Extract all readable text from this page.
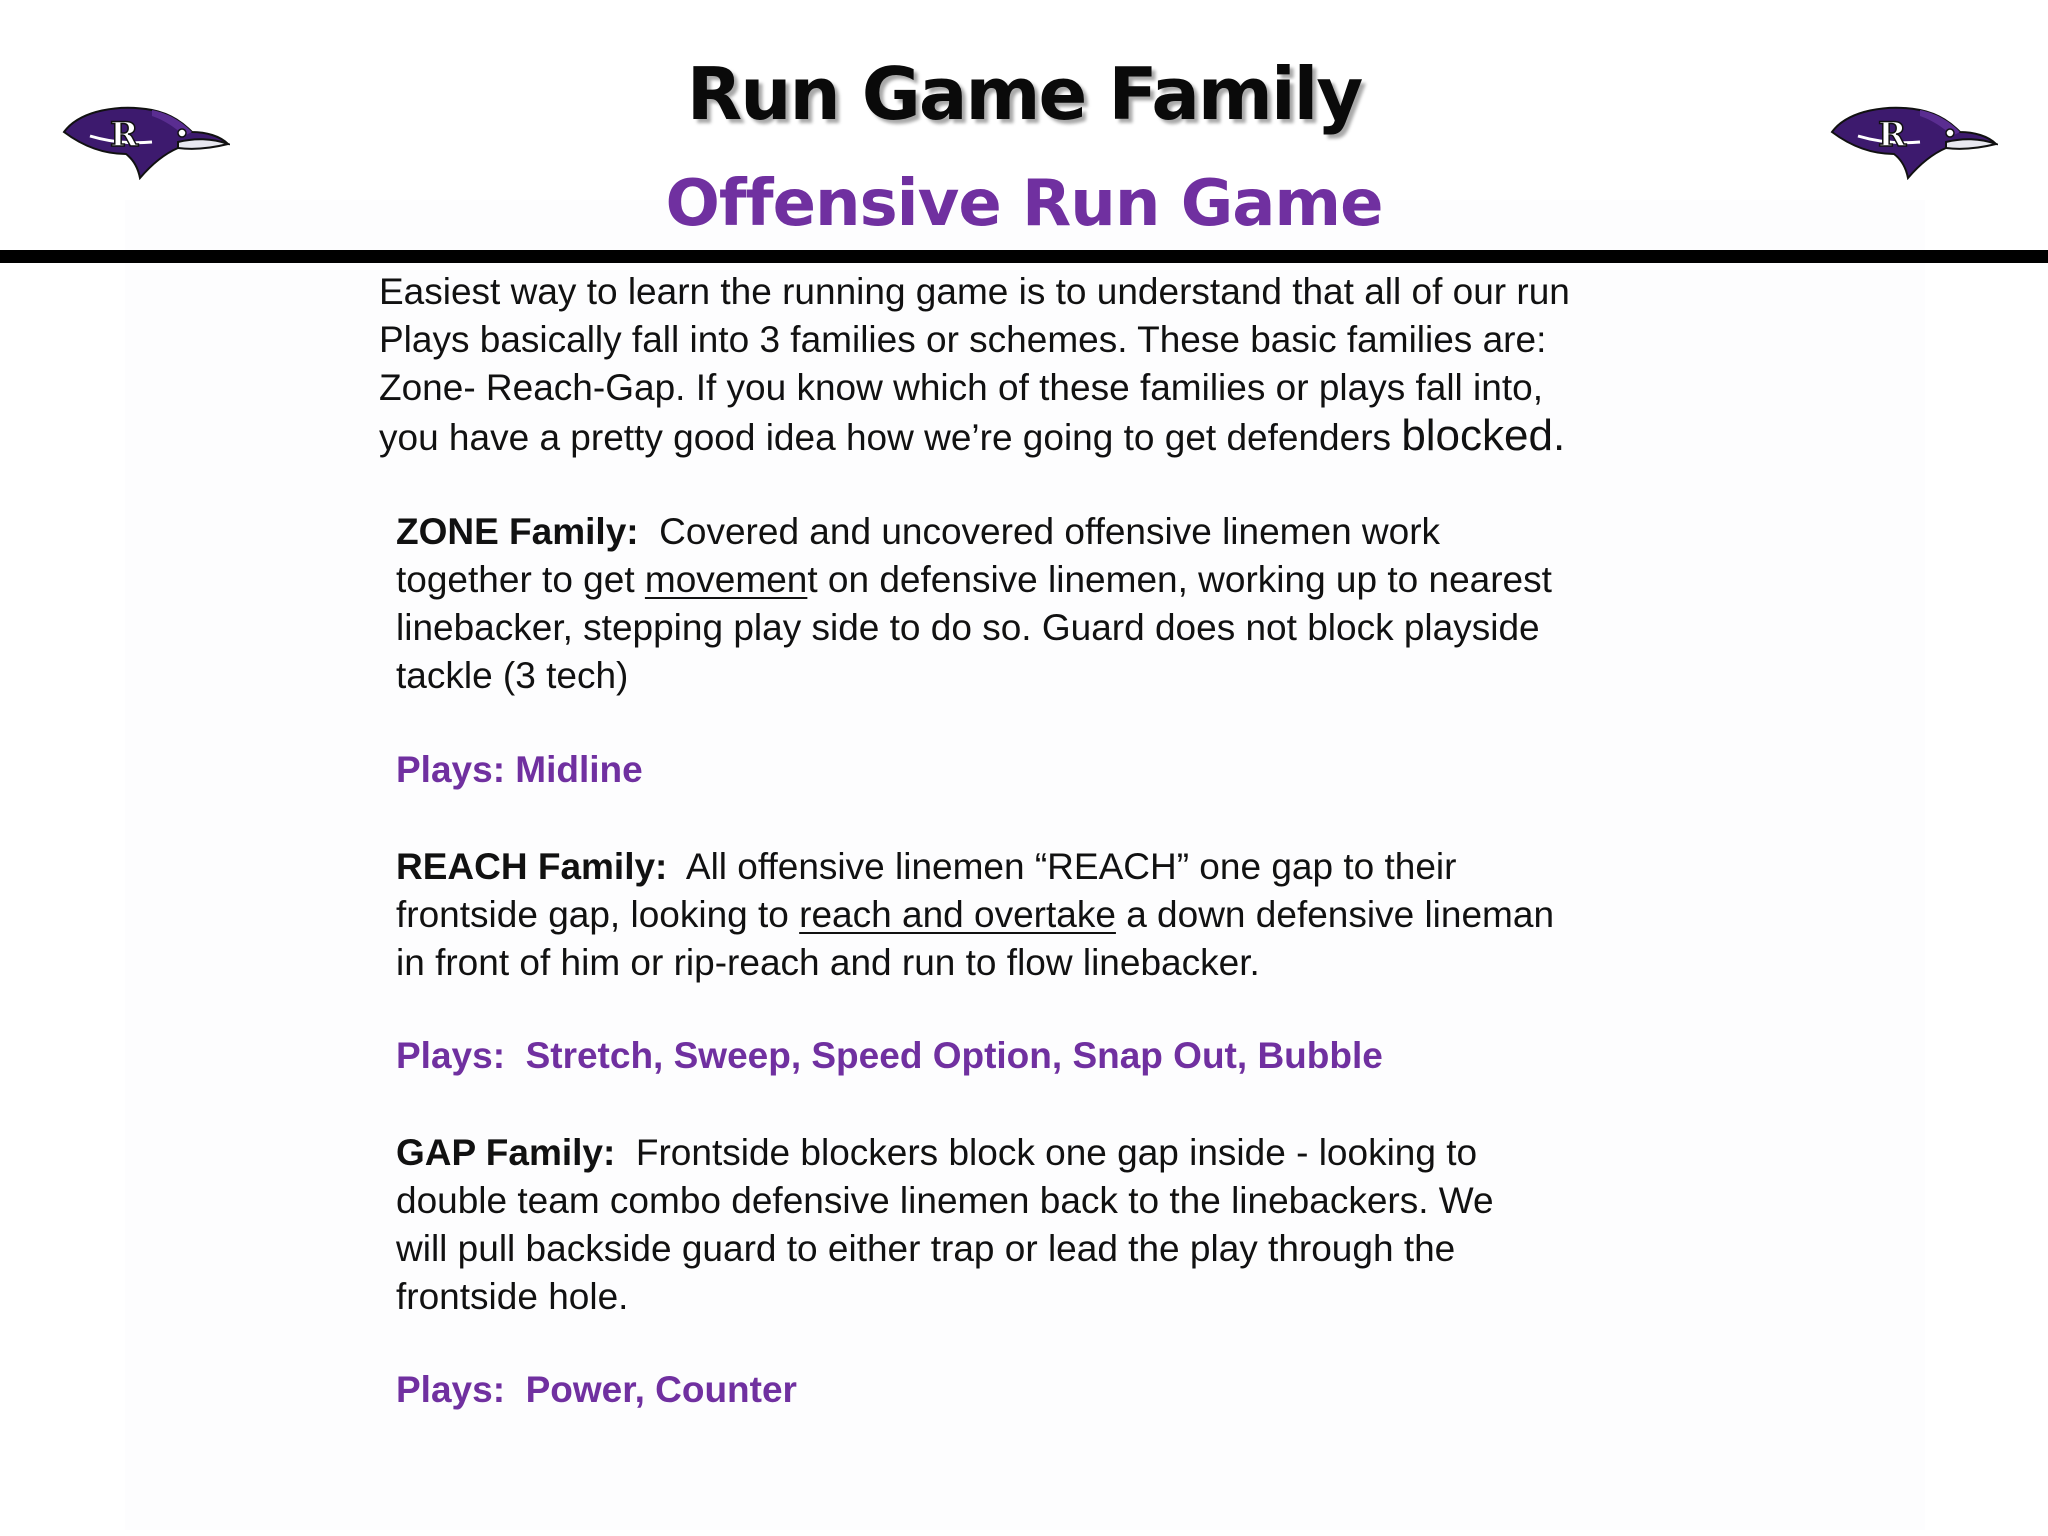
R	R
Run Game Family
Offensive Run Game
Easiest way to learn the running game is to understand that all of our run
Plays basically fall into 3 families or schemes. These basic families are:
Zone- Reach-Gap. If you know which of these families or plays fall into,
you have a pretty good idea how we’re going to get defenders blocked.
ZONE Family:  Covered and uncovered offensive linemen work
together to get movement on defensive linemen, working up to nearest
linebacker, stepping play side to do so. Guard does not block playside
tackle (3 tech)
Plays: Midline
REACH Family:  All offensive linemen “REACH” one gap to their
frontside gap, looking to reach and overtake a down defensive lineman
in front of him or rip-reach and run to flow linebacker.
Plays:  Stretch, Sweep, Speed Option, Snap Out, Bubble
GAP Family:  Frontside blockers block one gap inside - looking to
double team combo defensive linemen back to the linebackers. We
will pull backside guard to either trap or lead the play through the
frontside hole.
Plays:  Power, Counter
